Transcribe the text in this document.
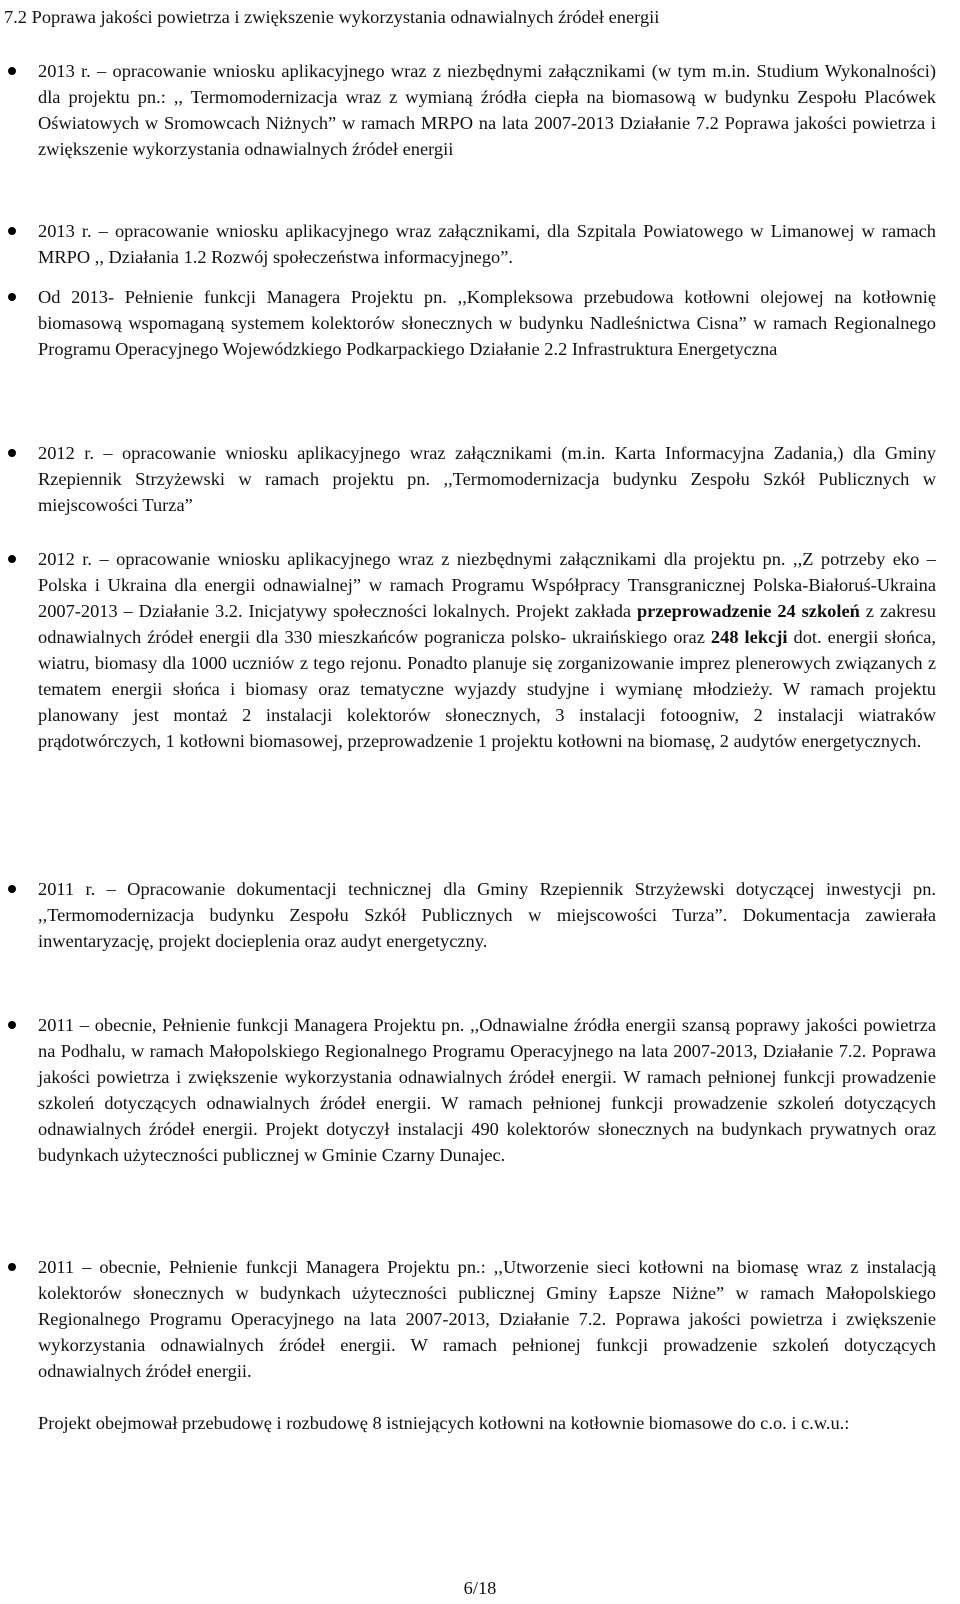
7.2 Poprawa jakości powietrza i zwiększenie wykorzystania odnawialnych źródeł energii

2013 r. – opracowanie wniosku aplikacyjnego wraz z niezbędnymi załącznikami (w tym m.in. Studium Wykonalności) dla projektu pn.: ,, Termomodernizacja wraz z wymianą źródła ciepła na biomasową w budynku Zespołu Placówek Oświatowych w Sromowcach Niżnych” w ramach MRPO na lata 2007-2013 Działanie 7.2 Poprawa jakości powietrza i zwiększenie wykorzystania odnawialnych źródeł energii

2013 r. – opracowanie wniosku aplikacyjnego wraz załącznikami, dla Szpitala Powiatowego w Limanowej w ramach MRPO ,, Działania 1.2 Rozwój społeczeństwa informacyjnego”.

Od 2013- Pełnienie funkcji Managera Projektu pn. ,,Kompleksowa przebudowa kotłowni olejowej na kotłownię biomasową wspomaganą systemem kolektorów słonecznych w budynku Nadleśnictwa Cisna” w ramach Regionalnego Programu Operacyjnego Wojewódzkiego Podkarpackiego Działanie 2.2 Infrastruktura Energetyczna

2012 r. – opracowanie wniosku aplikacyjnego wraz załącznikami (m.in. Karta Informacyjna Zadania,) dla Gminy Rzepiennik Strzyżewski w ramach projektu pn. ,,Termomodernizacja budynku Zespołu Szkół Publicznych w miejscowości Turza”

2012 r. – opracowanie wniosku aplikacyjnego wraz z niezbędnymi załącznikami dla projektu pn. ,,Z potrzeby eko – Polska i Ukraina dla energii odnawialnej” w ramach Programu Współpracy Transgranicznej Polska-Białoruś-Ukraina 2007-2013 – Działanie 3.2. Inicjatywy społeczności lokalnych. Projekt zakłada przeprowadzenie 24 szkoleń z zakresu odnawialnych źródeł energii dla 330 mieszkańców pogranicza polsko- ukraińskiego oraz 248 lekcji dot. energii słońca, wiatru, biomasy dla 1000 uczniów z tego rejonu. Ponadto planuje się zorganizowanie imprez plenerowych związanych z tematem energii słońca i biomasy oraz tematyczne wyjazdy studyjne i wymianę młodzieży. W ramach projektu planowany jest montaż 2 instalacji kolektorów słonecznych, 3 instalacji fotoogniw, 2 instalacji wiatraków prądotwórczych, 1 kotłowni biomasowej, przeprowadzenie 1 projektu kotłowni na biomasę, 2 audytów energetycznych.

2011 r. – Opracowanie dokumentacji technicznej dla Gminy Rzepiennik Strzyżewski dotyczącej inwestycji pn. ,,Termomodernizacja budynku Zespołu Szkół Publicznych w miejscowości Turza”. Dokumentacja zawierała inwentaryzację, projekt docieplenia oraz audyt energetyczny.

2011 – obecnie, Pełnienie funkcji Managera Projektu pn. ,,Odnawialne źródła energii szansą poprawy jakości powietrza na Podhalu, w ramach Małopolskiego Regionalnego Programu Operacyjnego na lata 2007-2013, Działanie 7.2. Poprawa jakości powietrza i zwiększenie wykorzystania odnawialnych źródeł energii. W ramach pełnionej funkcji prowadzenie szkoleń dotyczących odnawialnych źródeł energii. W ramach pełnionej funkcji prowadzenie szkoleń dotyczących odnawialnych źródeł energii. Projekt dotyczył instalacji 490 kolektorów słonecznych na budynkach prywatnych oraz budynkach użyteczności publicznej w Gminie Czarny Dunajec.

2011 – obecnie, Pełnienie funkcji Managera Projektu pn.: ,,Utworzenie sieci kotłowni na biomasę wraz z instalacją kolektorów słonecznych w budynkach użyteczności publicznej Gminy Łapsze Niżne” w ramach Małopolskiego Regionalnego Programu Operacyjnego na lata 2007-2013, Działanie 7.2. Poprawa jakości powietrza i zwiększenie wykorzystania odnawialnych źródeł energii. W ramach pełnionej funkcji prowadzenie szkoleń dotyczących odnawialnych źródeł energii.

Projekt obejmował przebudowę i rozbudowę 8 istniejących kotłowni na kotłownie biomasowe do c.o. i c.w.u.:

6/18
